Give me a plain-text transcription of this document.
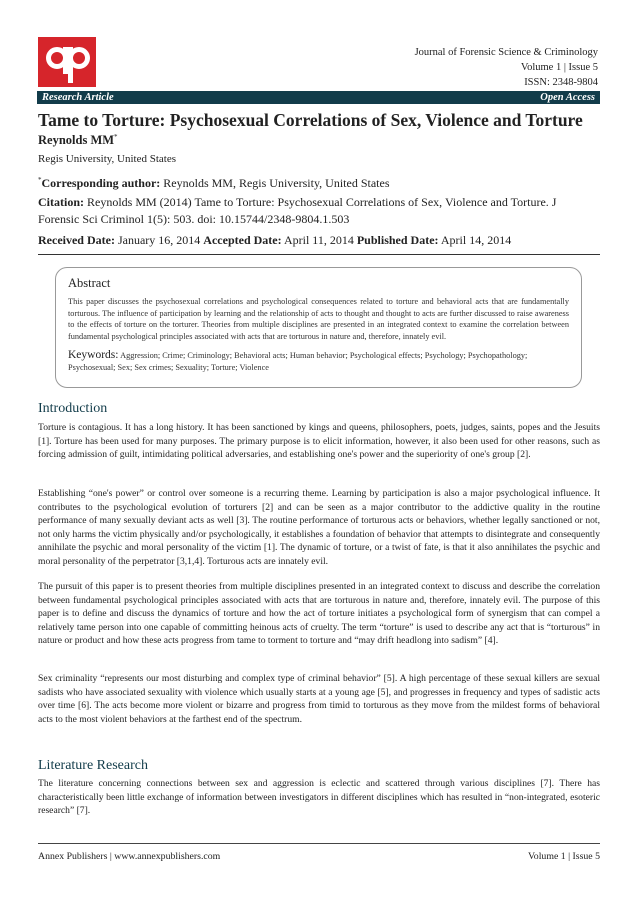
Journal of Forensic Science & Criminology
Volume 1 | Issue 5
ISSN: 2348-9804
Research Article	Open Access
Tame to Torture: Psychosexual Correlations of Sex, Violence and Torture
Reynolds MM*
Regis University, United States
*Corresponding author: Reynolds MM, Regis University, United States
Citation: Reynolds MM (2014) Tame to Torture: Psychosexual Correlations of Sex, Violence and Torture. J Forensic Sci Criminol 1(5): 503. doi: 10.15744/2348-9804.1.503
Received Date: January 16, 2014 Accepted Date: April 11, 2014 Published Date: April 14, 2014
Abstract
This paper discusses the psychosexual correlations and psychological consequences related to torture and behavioral acts that are fundamentally torturous. The influence of participation by learning and the relationship of acts to thought and thought to acts are further discussed to raise awareness to the effects of torture on the torturer. Theories from multiple disciplines are presented in an integrated context to examine the correlation between fundamental psychological principles associated with acts that are torturous in nature and, therefore, innately evil.
Keywords: Aggression; Crime; Criminology; Behavioral acts; Human behavior; Psychological effects; Psychology; Psychopathology; Psychosexual; Sex; Sex crimes; Sexuality; Torture; Violence
Introduction
Torture is contagious. It has a long history. It has been sanctioned by kings and queens, philosophers, poets, judges, saints, popes and the Jesuits [1]. Torture has been used for many purposes. The primary purpose is to elicit information, however, it also been used for other reasons, such as forcing admission of guilt, intimidating political adversaries, and establishing one's power and the superiority of one's group [2].
Establishing “one's power” or control over someone is a recurring theme. Learning by participation is also a major psychological influence. It contributes to the psychological evolution of torturers [2] and can be seen as a major contributor to the addictive quality in the routine performance of many sexually deviant acts as well [3]. The routine performance of torturous acts or behaviors, whether legally sanctioned or not, not only harms the victim physically and/or psychologically, it establishes a foundation of behavior that attempts to disintegrate and consequently annihilate the psychic and moral personality of the victim [1]. The dynamic of torture, or a twist of fate, is that it also annihilates the psychic and moral personality of the perpetrator [3,1,4]. Torturous acts are innately evil.
The pursuit of this paper is to present theories from multiple disciplines presented in an integrated context to discuss and describe the correlation between fundamental psychological principles associated with acts that are torturous in nature and, therefore, innately evil. The purpose of this paper is to define and discuss the dynamics of torture and how the act of torture initiates a psychological form of synergism that can compel a relatively tame person into one capable of committing heinous acts of cruelty. The term “torture” is used to describe any act that is “torturous” in nature or product and how these acts progress from tame to torment to torture and “may drift headlong into sadism” [4].
Sex criminality “represents our most disturbing and complex type of criminal behavior” [5]. A high percentage of these sexual killers are sexual sadists who have associated sexuality with violence which usually starts at a young age [5], and progresses in frequency and types of sadistic acts over time [6]. The acts become more violent or bizarre and progress from timid to torturous as they move from the mildest forms of behavioral acts to the most violent behaviors at the farthest end of the spectrum.
Literature Research
The literature concerning connections between sex and aggression is eclectic and scattered through various disciplines [7]. There has characteristically been little exchange of information between investigators in different disciplines which has resulted in “non-integrated, esoteric research” [7].
Annex Publishers | www.annexpublishers.com	Volume 1 | Issue 5
